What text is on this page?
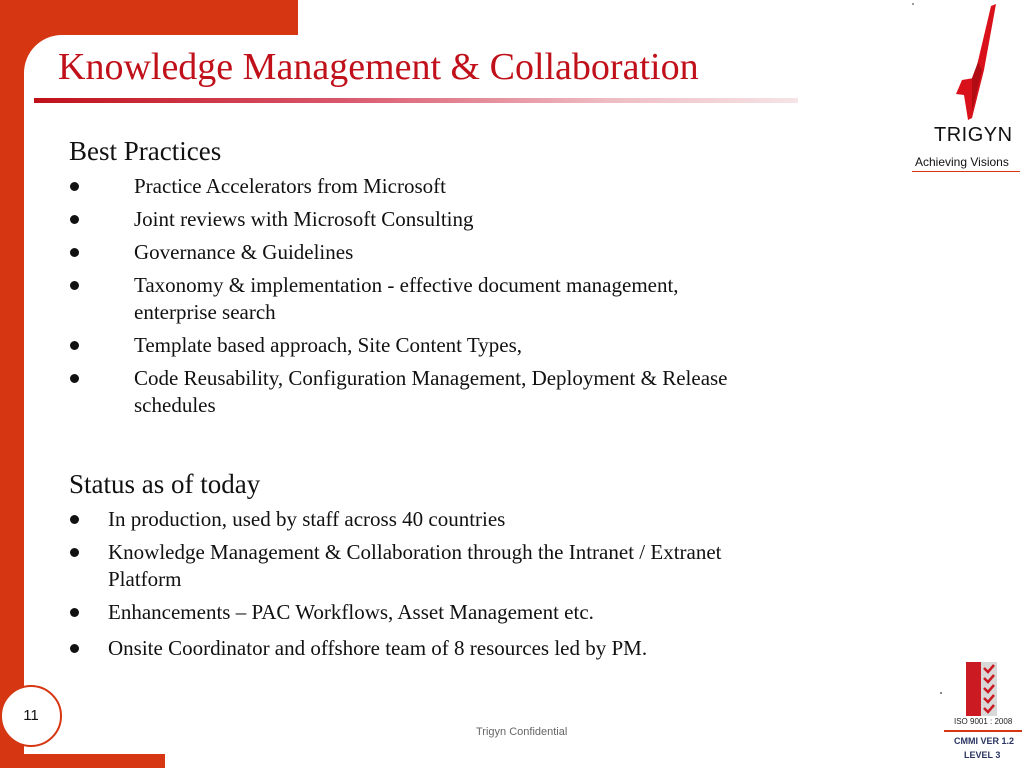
Knowledge Management & Collaboration
TRIGYN
Achieving Visions
Best Practices
Practice Accelerators from Microsoft
Joint reviews with Microsoft Consulting
Governance & Guidelines
Taxonomy & implementation - effective document management,
enterprise search
Template based approach, Site Content Types,
Code Reusability, Configuration Management, Deployment & Release
schedules
Status as of today
In production, used by staff across 40 countries
Knowledge Management & Collaboration through the Intranet / Extranet
Platform
Enhancements – PAC Workflows, Asset Management etc.
Onsite Coordinator and offshore team of 8 resources led by PM.
ISO 9001 : 2008
CMMI VER 1.2
LEVEL 3
11
Trigyn Confidential
